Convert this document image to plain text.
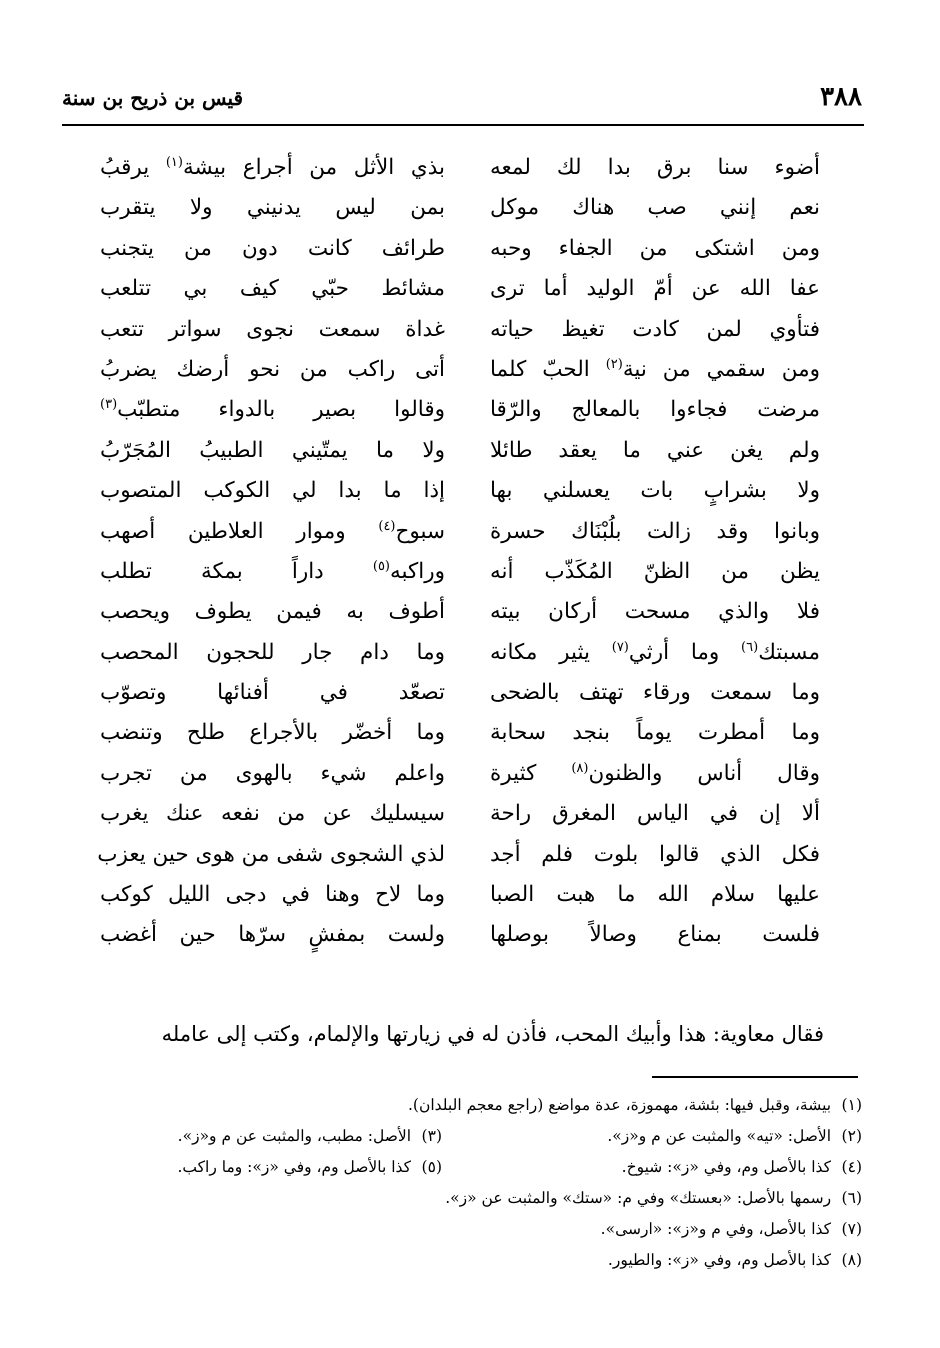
٣٨٨
قيس بن ذريح بن سنة
أضوء سنا برق بدا لك لمعه
بذي الأثل من أجراع بيشة$^{(١)}$ يرقبُ
نعم إنني صب هناك موكل
بمن ليس يدنيني ولا يتقرب
ومن اشتكى من الجفاء وحبه
طرائف كانت دون من يتجنب
عفا الله عن أمّ الوليد أما ترى
مشائط حبّي كيف بي تتلعب
فتأوي لمن كادت تغيظ حياته
غداة سمعت نجوى سواتر تتعب
ومن سقمي من نية$^{(٢)}$ الحبّ كلما
أتى راكب من نحو أرضك يضربُ
مرضت فجاءوا بالمعالج والرّقا
وقالوا بصير بالدواء متطبّب$^{(٣)}$
ولم يغن عني ما يعقد طائلا
ولا ما يمتّيني الطبيبُ المُجَرّبُ
ولا بشرابٍ بات يعسلني بها
إذا ما بدا لي الكوكب المتصوب
وبانوا وقد زالت بلُبْنَاك حسرة
سبوح$^{(٤)}$ وموار العلاطين أصهب
يظن من الظنّ المُكَذّب أنه
وراكبه$^{(٥)}$ داراً بمكة تطلب
فلا والذي مسحت أركان بيته
أطوف به فيمن يطوف ويحصب
مسبتك$^{(٦)}$ وما أرثي$^{(٧)}$ يثير مكانه
وما دام جار للحجون المحصب
وما سمعت ورقاء تهتف بالضحى
تصعّد في أفنائها وتصوّب
وما أمطرت يوماً بنجد سحابة
وما أخضّر بالأجراع طلح وتنضب
وقال أناس والظنون$^{(٨)}$ كثيرة
واعلم شيء بالهوى من تجرب
ألا إن في الياس المغرق راحة
سيسليك عن من نفعه عنك يغرب
فكل الذي قالوا بلوت فلم أجد
لذي الشجوى شفى من هوى حين يعزب
عليها سلام الله ما هبت الصبا
وما لاح وهنا في دجى الليل كوكب
فلست بمناع وصالاً بوصلها
ولست بمفشٍ سرّها حين أغضب
فقال معاوية: هذا وأبيك المحب، فأذن له في زيارتها والإلمام، وكتب إلى عامله
(١) بيشة، وقبل فيها: بئشة، مهموزة، عدة مواضع (راجع معجم البلدان).
(٢) الأصل: «تيه» والمثبت عن م و«ز».
(٣) الأصل: مطبب، والمثبت عن م و«ز».
(٤) كذا بالأصل وم، وفي «ز»: شيوخ.
(٥) كذا بالأصل وم، وفي «ز»: وما راكب.
(٦) رسمها بالأصل: «بعستك» وفي م: «ستك» والمثبت عن «ز».
(٧) كذا بالأصل، وفي م و«ز»: «ارسى».
(٨) كذا بالأصل وم، وفي «ز»: والطيور.
